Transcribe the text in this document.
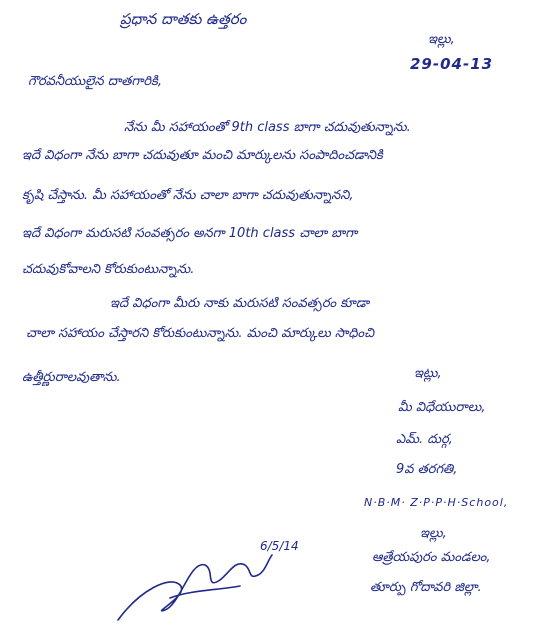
ప్రధాన దాతకు ఉత్తరం
ఇల్లు,
29-04-13
గౌరవనీయులైన దాతగారికి,
నేను మీ సహాయంతో 9th class బాగా చదువుతున్నాను.
ఇదే విధంగా నేను బాగా చదువుతూ మంచి మార్కులను సంపాదించడానికి
కృషి చేస్తాను. మీ సహాయంతో నేను చాలా బాగా చదువుతున్నానని,
ఇదే విధంగా మరుసటి సంవత్సరం అనగా 10th class చాలా బాగా
చదువుకోవాలని కోరుకుంటున్నాను.
ఇదే విధంగా మీరు నాకు మరుసటి సంవత్సరం కూడా
చాలా సహాయం చేస్తారని కోరుకుంటున్నాను. మంచి మార్కులు సాధించి
ఉత్తీర్ణురాలవుతాను.	ఇట్లు,
మీ విధేయురాలు,
ఎమ్. దుర్గ,
9వ తరగతి,
N·B·M· Z·P·P·H·School,
ఇల్లు,
ఆత్రేయపురం మండలం,
తూర్పు గోదావరి జిల్లా.
6/5/14
